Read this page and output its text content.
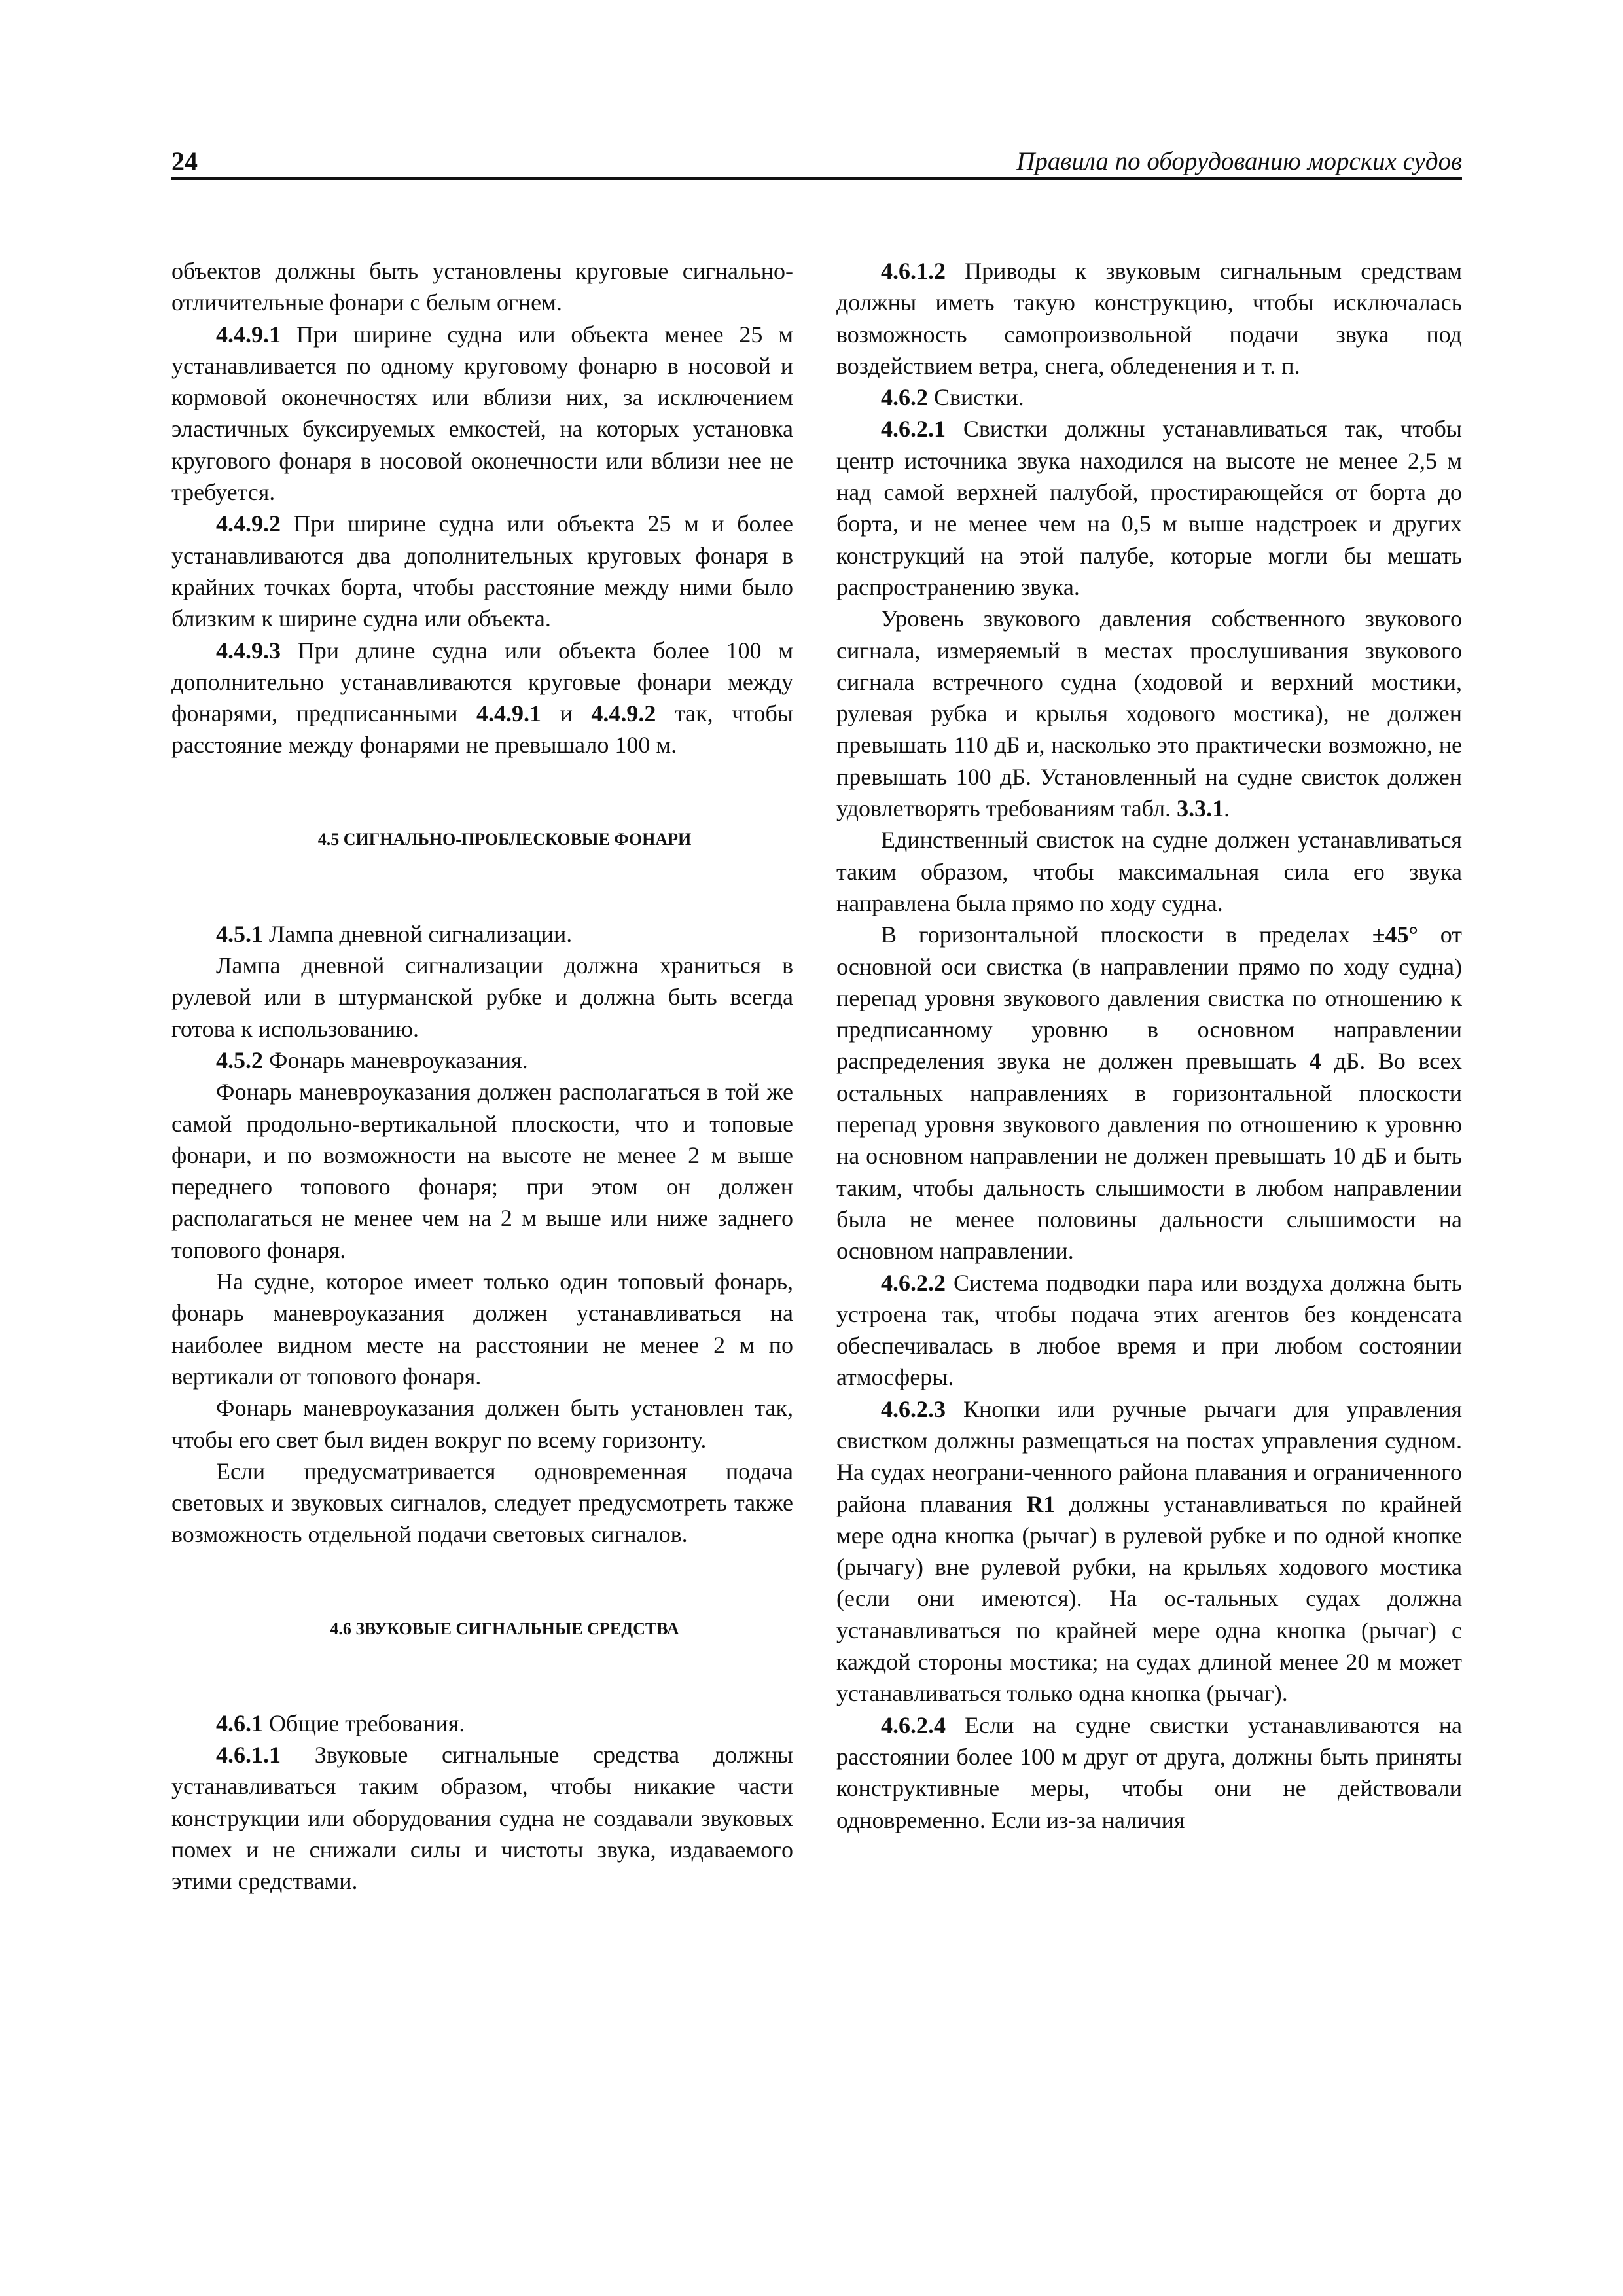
24	Правила по оборудованию морских судов

объектов должны быть установлены круговые сигнально-отличительные фонари с белым огнем.

4.4.9.1 При ширине судна или объекта менее 25 м устанавливается по одному круговому фонарю в носовой и кормовой оконечностях или вблизи них, за исключением эластичных буксируемых емкостей, на которых установка кругового фонаря в носовой оконечности или вблизи нее не требуется.

4.4.9.2 При ширине судна или объекта 25 м и более устанавливаются два дополнительных круговых фонаря в крайних точках борта, чтобы расстояние между ними было близким к ширине судна или объекта.

4.4.9.3 При длине судна или объекта более 100 м дополнительно устанавливаются круговые фонари между фонарями, предписанными 4.4.9.1 и 4.4.9.2 так, чтобы расстояние между фонарями не превышало 100 м.

4.5 СИГНАЛЬНО-ПРОБЛЕСКОВЫЕ ФОНАРИ

4.5.1 Лампа дневной сигнализации.

Лампа дневной сигнализации должна храниться в рулевой или в штурманской рубке и должна быть всегда готова к использованию.

4.5.2 Фонарь маневроуказания.

Фонарь маневроуказания должен располагаться в той же самой продольно-вертикальной плоскости, что и топовые фонари, и по возможности на высоте не менее 2 м выше переднего топового фонаря; при этом он должен располагаться не менее чем на 2 м выше или ниже заднего топового фонаря.

На судне, которое имеет только один топовый фонарь, фонарь маневроуказания должен устанавливаться на наиболее видном месте на расстоянии не менее 2 м по вертикали от топового фонаря.

Фонарь маневроуказания должен быть установлен так, чтобы его свет был виден вокруг по всему горизонту.

Если предусматривается одновременная подача световых и звуковых сигналов, следует предусмотреть также возможность отдельной подачи световых сигналов.

4.6 ЗВУКОВЫЕ СИГНАЛЬНЫЕ СРЕДСТВА

4.6.1 Общие требования.

4.6.1.1 Звуковые сигнальные средства должны устанавливаться таким образом, чтобы никакие части конструкции или оборудования судна не создавали звуковых помех и не снижали силы и чистоты звука, издаваемого этими средствами.

4.6.1.2 Приводы к звуковым сигнальным средствам должны иметь такую конструкцию, чтобы исключалась возможность самопроизвольной подачи звука под воздействием ветра, снега, обледенения и т. п.

4.6.2 Свистки.

4.6.2.1 Свистки должны устанавливаться так, чтобы центр источника звука находился на высоте не менее 2,5 м над самой верхней палубой, простирающейся от борта до борта, и не менее чем на 0,5 м выше надстроек и других конструкций на этой палубе, которые могли бы мешать распространению звука.

Уровень звукового давления собственного звукового сигнала, измеряемый в местах прослушивания звукового сигнала встречного судна (ходовой и верхний мостики, рулевая рубка и крылья ходового мостика), не должен превышать 110 дБ и, насколько это практически возможно, не превышать 100 дБ. Установленный на судне свисток должен удовлетворять требованиям табл. 3.3.1.

Единственный свисток на судне должен устанавливаться таким образом, чтобы максимальная сила его звука направлена была прямо по ходу судна.

В горизонтальной плоскости в пределах ±45° от основной оси свистка (в направлении прямо по ходу судна) перепад уровня звукового давления свистка по отношению к предписанному уровню в основном направлении распределения звука не должен превышать 4 дБ. Во всех остальных направлениях в горизонтальной плоскости перепад уровня звукового давления по отношению к уровню на основном направлении не должен превышать 10 дБ и быть таким, чтобы дальность слышимости в любом направлении была не менее половины дальности слышимости на основном направлении.

4.6.2.2 Система подводки пара или воздуха должна быть устроена так, чтобы подача этих агентов без конденсата обеспечивалась в любое время и при любом состоянии атмосферы.

4.6.2.3 Кнопки или ручные рычаги для управления свистком должны размещаться на постах управления судном. На судах неограни-ченного района плавания и ограниченного района плавания R1 должны устанавливаться по крайней мере одна кнопка (рычаг) в рулевой рубке и по одной кнопке (рычагу) вне рулевой рубки, на крыльях ходового мостика (если они имеются). На ос-тальных судах должна устанавливаться по крайней мере одна кнопка (рычаг) с каждой стороны мостика; на судах длиной менее 20 м может устанавливаться только одна кнопка (рычаг).

4.6.2.4 Если на судне свистки устанавливаются на расстоянии более 100 м друг от друга, должны быть приняты конструктивные меры, чтобы они не действовали одновременно. Если из-за наличия
